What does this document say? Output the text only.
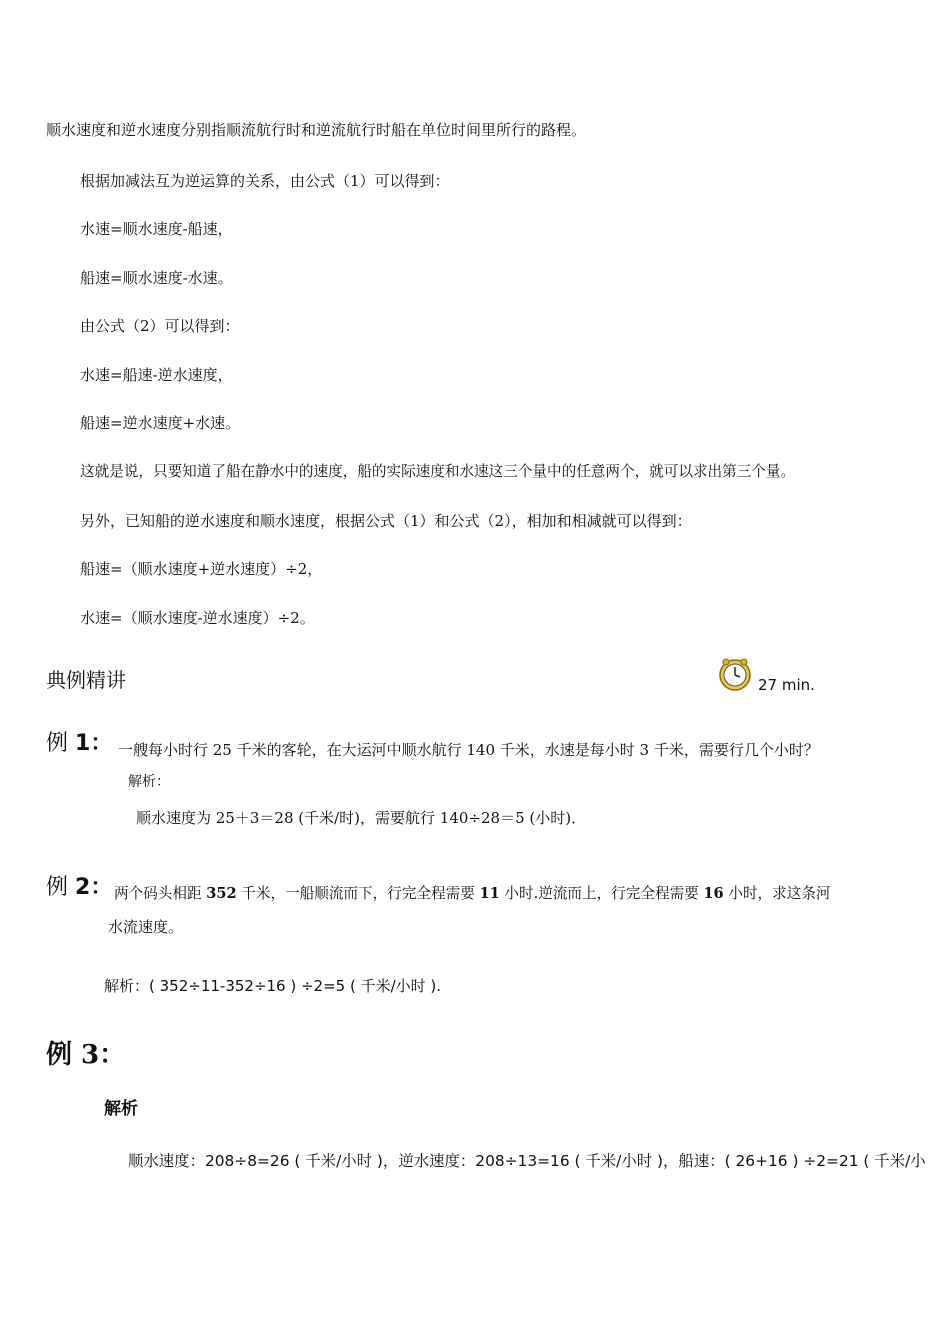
顺水速度和逆水速度分别指顺流航行时和逆流航行时船在单位时间里所行的路程。
根据加减法互为逆运算的关系，由公式（1）可以得到：
水速=顺水速度-船速，
船速=顺水速度-水速。
由公式（2）可以得到：
水速=船速-逆水速度，
船速=逆水速度+水速。
这就是说，只要知道了船在静水中的速度，船的实际速度和水速这三个量中的任意两个，就可以求出第三个量。
另外，已知船的逆水速度和顺水速度，根据公式（1）和公式（2），相加和相减就可以得到：
船速=（顺水速度+逆水速度）÷2，
水速=（顺水速度-逆水速度）÷2。
典例精讲	27 min.
例 1： 一艘每小时行 25 千米的客轮，在大运河中顺水航行 140 千米，水速是每小时 3 千米，需要行几个小时？
解析：
顺水速度为 25＋3＝28 (千米/时)，需要航行 140÷28＝5 (小时)．
例 2： 两个码头相距 352 千米，一船顺流而下，行完全程需要 11 小时.逆流而上，行完全程需要 16 小时，求这条河
水流速度。
解析：( 352÷11-352÷16 ) ÷2=5 ( 千米/小时 ).
例 3：
解析
顺水速度：208÷8=26 ( 千米/小时 )，逆水速度：208÷13=16 ( 千米/小时 )，船速：( 26+16 ) ÷2=21 ( 千米/小
